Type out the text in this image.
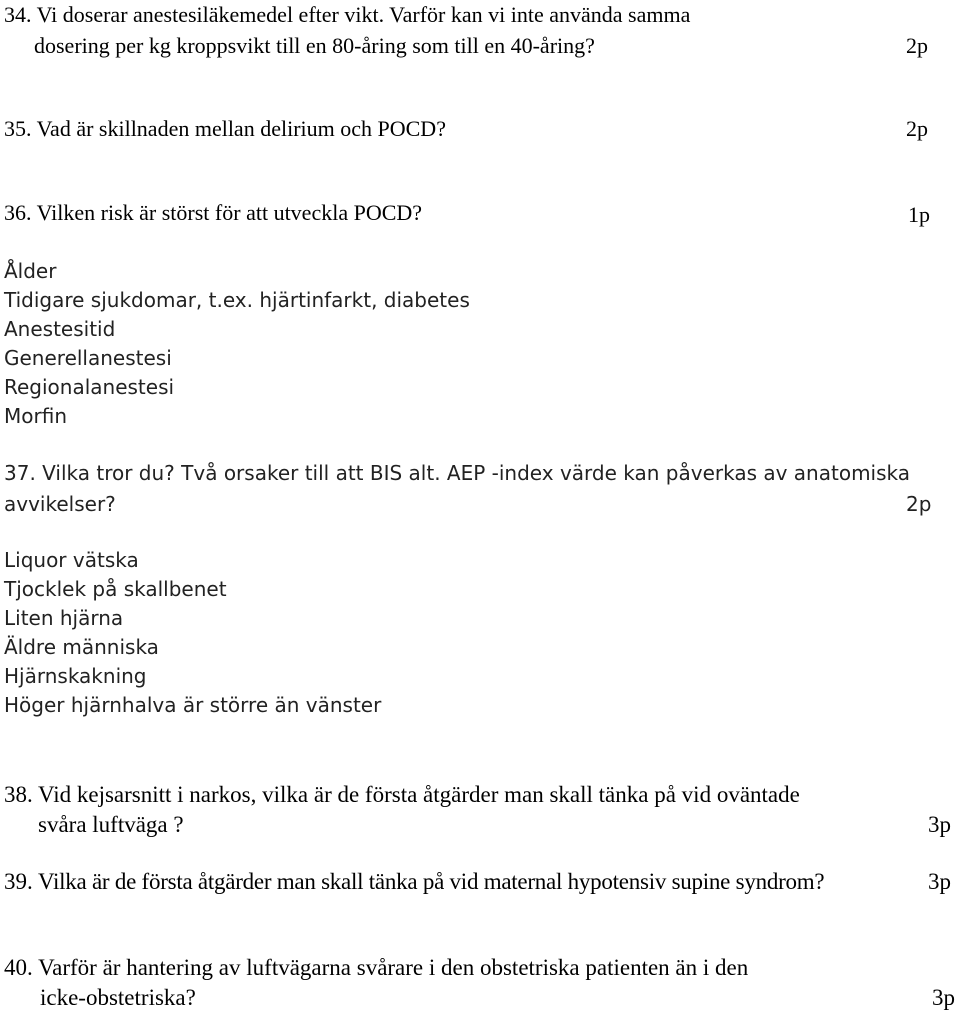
34. Vi doserar anestesiläkemedel efter vikt. Varför kan vi inte använda samma
dosering per kg kroppsvikt till en 80-åring som till en 40-åring?	2p
35. Vad är skillnaden mellan delirium och POCD?	2p
36. Vilken risk är störst för att utveckla POCD?	1p
Ålder
Tidigare sjukdomar, t.ex. hjärtinfarkt, diabetes
Anestesitid
Generellanestesi
Regionalanestesi
Morfin
37. Vilka tror du? Två orsaker till att BIS alt. AEP -index värde kan påverkas av anatomiska
avvikelser?	2p
Liquor vätska
Tjocklek på skallbenet
Liten hjärna
Äldre människa
Hjärnskakning
Höger hjärnhalva är större än vänster
38. Vid kejsarsnitt i narkos, vilka är de första åtgärder man skall tänka på vid oväntade
svåra luftväga ?	3p
39. Vilka är de första åtgärder man skall tänka på vid maternal hypotensiv supine syndrom?	3p
40. Varför är hantering av luftvägarna svårare i den obstetriska patienten än i den
icke-obstetriska?	3p
